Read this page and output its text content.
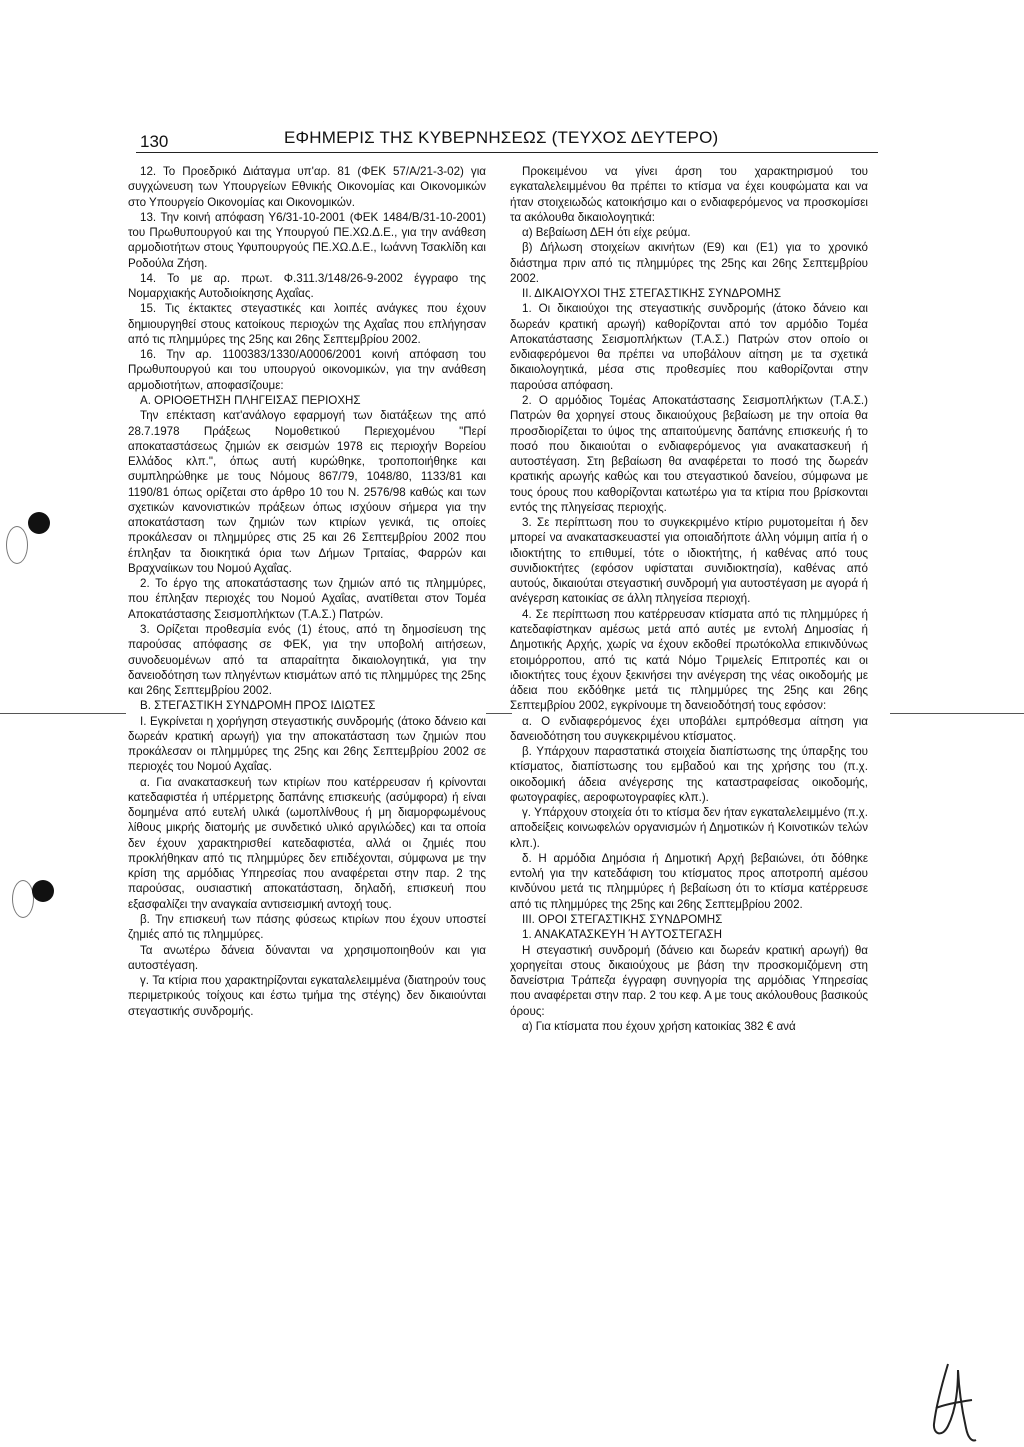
130	ΕΦΗΜΕΡΙΣ ΤΗΣ ΚΥΒΕΡΝΗΣΕΩΣ (ΤΕΥΧΟΣ ΔΕΥΤΕΡΟ)

12. Το Προεδρικό Διάταγμα υπ'αρ. 81 (ΦΕΚ 57/Α/21-3-02) για συγχώνευση των Υπουργείων Εθνικής Οικονομίας και Οικονομικών στο Υπουργείο Οικονομίας και Οικονομικών.

13. Την κοινή απόφαση Υ6/31-10-2001 (ΦΕΚ 1484/Β/31-10-2001) του Πρωθυπουργού και της Υπουργού ΠΕ.ΧΩ.Δ.Ε., για την ανάθεση αρμοδιοτήτων στους Υφυπουργούς ΠΕ.ΧΩ.Δ.Ε., Ιωάννη Τσακλίδη και Ροδούλα Ζήση.

14. Το με αρ. πρωτ. Φ.311.3/148/26-9-2002 έγγραφο της Νομαρχιακής Αυτοδιοίκησης Αχαΐας.

15. Τις έκτακτες στεγαστικές και λοιπές ανάγκες που έχουν δημιουργηθεί στους κατοίκους περιοχών της Αχαΐας που επλήγησαν από τις πλημμύρες της 25ης και 26ης Σεπτεμβρίου 2002.

16. Την αρ. 1100383/1330/Α0006/2001 κοινή απόφαση του Πρωθυπουργού και του υπουργού οικονομικών, για την ανάθεση αρμοδιοτήτων, αποφασίζουμε:

Α. ΟΡΙΟΘΕΤΗΣΗ ΠΛΗΓΕΙΣΑΣ ΠΕΡΙΟΧΗΣ

Την επέκταση κατ'ανάλογο εφαρμογή των διατάξεων της από 28.7.1978 Πράξεως Νομοθετικού Περιεχομένου "Περί αποκαταστάσεως ζημιών εκ σεισμών 1978 εις περιοχήν Βορείου Ελλάδος κλπ.", όπως αυτή κυρώθηκε, τροποποιήθηκε και συμπληρώθηκε με τους Νόμους 867/79, 1048/80, 1133/81 και 1190/81 όπως ορίζεται στο άρθρο 10 του Ν. 2576/98 καθώς και των σχετικών κανονιστικών πράξεων όπως ισχύουν σήμερα για την αποκατάσταση των ζημιών των κτιρίων γενικά, τις οποίες προκάλεσαν οι πλημμύρες στις 25 και 26 Σεπτεμβρίου 2002 που έπληξαν τα διοικητικά όρια των Δήμων Τριταίας, Φαρρών και Βραχναίικων του Νομού Αχαΐας.

2. Το έργο της αποκατάστασης των ζημιών από τις πλημμύρες, που έπληξαν περιοχές του Νομού Αχαΐας, ανατίθεται στον Τομέα Αποκατάστασης Σεισμοπλήκτων (Τ.Α.Σ.) Πατρών.

3. Ορίζεται προθεσμία ενός (1) έτους, από τη δημοσίευση της παρούσας απόφασης σε ΦΕΚ, για την υποβολή αιτήσεων, συνοδευομένων από τα απαραίτητα δικαιολογητικά, για την δανειοδότηση των πληγέντων κτισμάτων από τις πλημμύρες της 25ης και 26ης Σεπτεμβρίου 2002.

Β. ΣΤΕΓΑΣΤΙΚΗ ΣΥΝΔΡΟΜΗ ΠΡΟΣ ΙΔΙΩΤΕΣ

Ι. Εγκρίνεται η χορήγηση στεγαστικής συνδρομής (άτοκο δάνειο και δωρεάν κρατική αρωγή) για την αποκατάσταση των ζημιών που προκάλεσαν οι πλημμύρες της 25ης και 26ης Σεπτεμβρίου 2002 σε περιοχές του Νομού Αχαΐας.

α. Για ανακατασκευή των κτιρίων που κατέρρευσαν ή κρίνονται κατεδαφιστέα ή υπέρμετρης δαπάνης επισκευής (ασύμφορα) ή είναι δομημένα από ευτελή υλικά (ωμοπλίνθους ή μη διαμορφωμένους λίθους μικρής διατομής με συνδετικό υλικό αργιλώδες) και τα οποία δεν έχουν χαρακτηρισθεί κατεδαφιστέα, αλλά οι ζημιές που προκλήθηκαν από τις πλημμύρες δεν επιδέχονται, σύμφωνα με την κρίση της αρμόδιας Υπηρεσίας που αναφέρεται στην παρ. 2 της παρούσας, ουσιαστική αποκατάσταση, δηλαδή, επισκευή που εξασφαλίζει την αναγκαία αντισεισμική αντοχή τους.

β. Την επισκευή των πάσης φύσεως κτιρίων που έχουν υποστεί ζημιές από τις πλημμύρες.

Τα ανωτέρω δάνεια δύνανται να χρησιμοποιηθούν και για αυτοστέγαση.

γ. Τα κτίρια που χαρακτηρίζονται εγκαταλελειμμένα (διατηρούν τους περιμετρικούς τοίχους και έστω τμήμα της στέγης) δεν δικαιούνται στεγαστικής συνδρομής.

Προκειμένου να γίνει άρση του χαρακτηρισμού του εγκαταλελειμμένου θα πρέπει το κτίσμα να έχει κουφώματα και να ήταν στοιχειωδώς κατοικήσιμο και ο ενδιαφερόμενος να προσκομίσει τα ακόλουθα δικαιολογητικά:

α) Βεβαίωση ΔΕΗ ότι είχε ρεύμα.

β) Δήλωση στοιχείων ακινήτων (Ε9) και (Ε1) για το χρονικό διάστημα πριν από τις πλημμύρες της 25ης και 26ης Σεπτεμβρίου 2002.

ΙΙ. ΔΙΚΑΙΟΥΧΟΙ ΤΗΣ ΣΤΕΓΑΣΤΙΚΗΣ ΣΥΝΔΡΟΜΗΣ

1. Οι δικαιούχοι της στεγαστικής συνδρομής (άτοκο δάνειο και δωρεάν κρατική αρωγή) καθορίζονται από τον αρμόδιο Τομέα Αποκατάστασης Σεισμοπλήκτων (Τ.Α.Σ.) Πατρών στον οποίο οι ενδιαφερόμενοι θα πρέπει να υποβάλουν αίτηση με τα σχετικά δικαιολογητικά, μέσα στις προθεσμίες που καθορίζονται στην παρούσα απόφαση.

2. Ο αρμόδιος Τομέας Αποκατάστασης Σεισμοπλήκτων (Τ.Α.Σ.) Πατρών θα χορηγεί στους δικαιούχους βεβαίωση με την οποία θα προσδιορίζεται το ύψος της απαιτούμενης δαπάνης επισκευής ή το ποσό που δικαιούται ο ενδιαφερόμενος για ανακατασκευή ή αυτοστέγαση. Στη βεβαίωση θα αναφέρεται το ποσό της δωρεάν κρατικής αρωγής καθώς και του στεγαστικού δανείου, σύμφωνα με τους όρους που καθορίζονται κατωτέρω για τα κτίρια που βρίσκονται εντός της πληγείσας περιοχής.

3. Σε περίπτωση που το συγκεκριμένο κτίριο ρυμοτομείται ή δεν μπορεί να ανακατασκευαστεί για οποιαδήποτε άλλη νόμιμη αιτία ή ο ιδιοκτήτης το επιθυμεί, τότε ο ιδιοκτήτης, ή καθένας από τους συνιδιοκτήτες (εφόσον υφίσταται συνιδιοκτησία), καθένας από αυτούς, δικαιούται στεγαστική συνδρομή για αυτοστέγαση με αγορά ή ανέγερση κατοικίας σε άλλη πληγείσα περιοχή.

4. Σε περίπτωση που κατέρρευσαν κτίσματα από τις πλημμύρες ή κατεδαφίστηκαν αμέσως μετά από αυτές με εντολή Δημοσίας ή Δημοτικής Αρχής, χωρίς να έχουν εκδοθεί πρωτόκολλα επικινδύνως ετοιμόρροπου, από τις κατά Νόμο Τριμελείς Επιτροπές και οι ιδιοκτήτες τους έχουν ξεκινήσει την ανέγερση της νέας οικοδομής με άδεια που εκδόθηκε μετά τις πλημμύρες της 25ης και 26ης Σεπτεμβρίου 2002, εγκρίνουμε τη δανειοδότησή τους εφόσον:

α. Ο ενδιαφερόμενος έχει υποβάλει εμπρόθεσμα αίτηση για δανειοδότηση του συγκεκριμένου κτίσματος.

β. Υπάρχουν παραστατικά στοιχεία διαπίστωσης της ύπαρξης του κτίσματος, διαπίστωσης του εμβαδού και της χρήσης του (π.χ. οικοδομική άδεια ανέγερσης της καταστραφείσας οικοδομής, φωτογραφίες, αεροφωτογραφίες κλπ.).

γ. Υπάρχουν στοιχεία ότι το κτίσμα δεν ήταν εγκαταλελειμμένο (π.χ. αποδείξεις κοινωφελών οργανισμών ή Δημοτικών ή Κοινοτικών τελών κλπ.).

δ. Η αρμόδια Δημόσια ή Δημοτική Αρχή βεβαιώνει, ότι δόθηκε εντολή για την κατεδάφιση του κτίσματος προς αποτροπή αμέσου κινδύνου μετά τις πλημμύρες ή βεβαίωση ότι το κτίσμα κατέρρευσε από τις πλημμύρες της 25ης και 26ης Σεπτεμβρίου 2002.

ΙΙΙ. ΟΡΟΙ ΣΤΕΓΑΣΤΙΚΗΣ ΣΥΝΔΡΟΜΗΣ

1. ΑΝΑΚΑΤΑΣΚΕΥΗ Ή ΑΥΤΟΣΤΕΓΑΣΗ

Η στεγαστική συνδρομή (δάνειο και δωρεάν κρατική αρωγή) θα χορηγείται στους δικαιούχους με βάση την προσκομιζόμενη στη δανείστρια Τράπεζα έγγραφη συνηγορία της αρμόδιας Υπηρεσίας που αναφέρεται στην παρ. 2 του κεφ. Α με τους ακόλουθους βασικούς όρους:

α) Για κτίσματα που έχουν χρήση κατοικίας 382 € ανά
